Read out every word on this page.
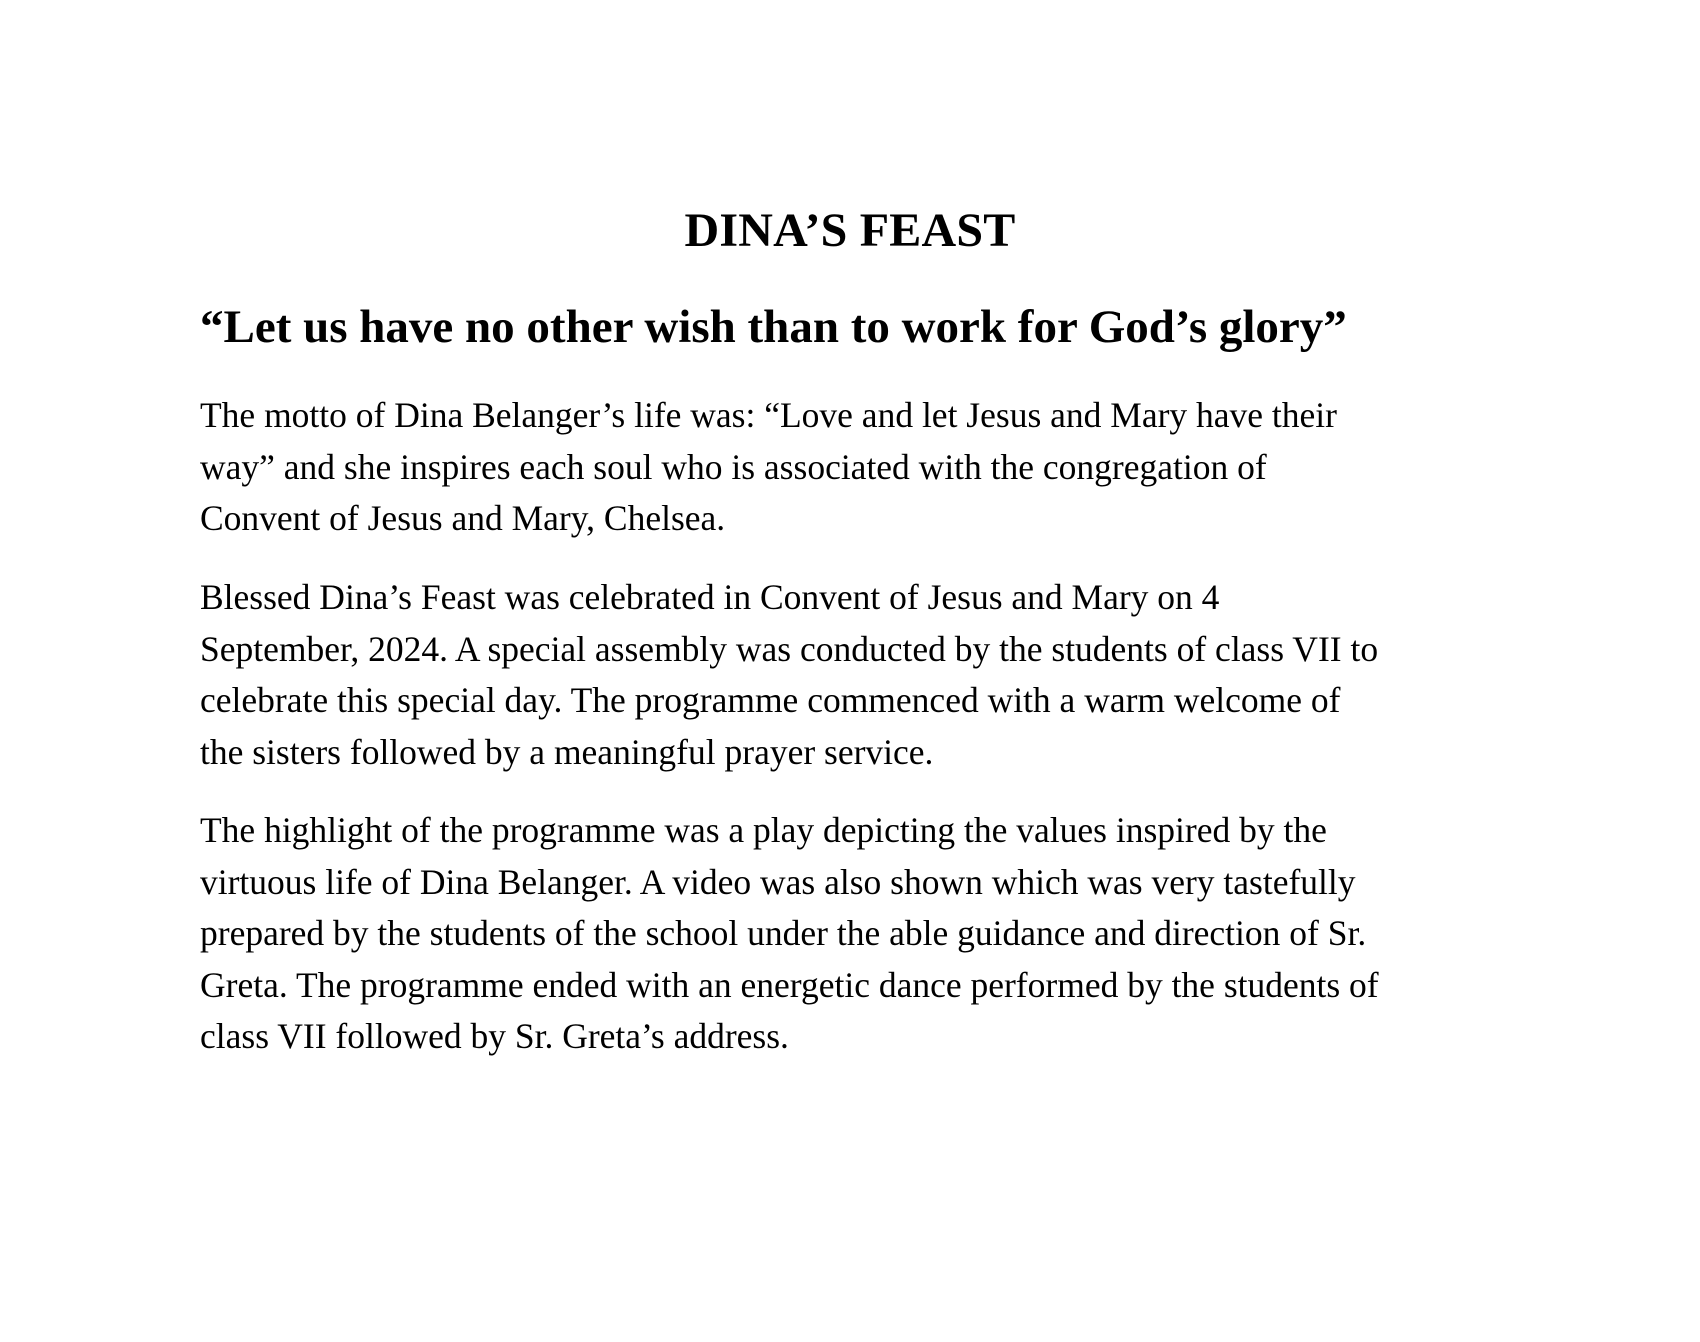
DINA’S FEAST
“Let us have no other wish than to work for God’s glory”

The motto of Dina Belanger’s life was: “Love and let Jesus and Mary have their
way” and she inspires each soul who is associated with the congregation of
Convent of Jesus and Mary, Chelsea.

Blessed Dina’s Feast was celebrated in Convent of Jesus and Mary on 4
September, 2024. A special assembly was conducted by the students of class VII to
celebrate this special day. The programme commenced with a warm welcome of
the sisters followed by a meaningful prayer service.

The highlight of the programme was a play depicting the values inspired by the
virtuous life of Dina Belanger. A video was also shown which was very tastefully
prepared by the students of the school under the able guidance and direction of Sr.
Greta. The programme ended with an energetic dance performed by the students of
class VII followed by Sr. Greta’s address.
